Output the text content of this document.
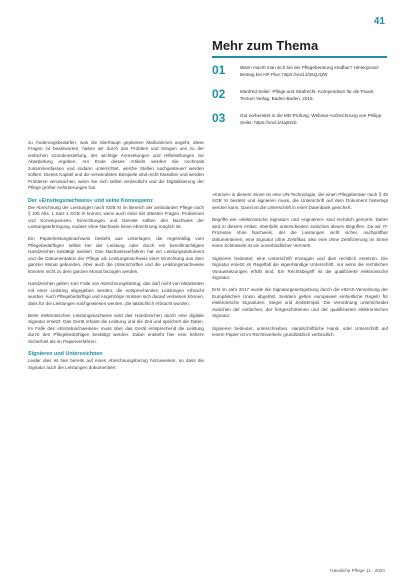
41
Mehr zum Thema
01	Wann macht man sich bei der Pflegeberatung strafbar? Hintergrund-Beitrag bei HP Plus: https://vncl.li/3sQJQW
02	Manfred Seiler: Pflege und Strafrecht. Kompendium für die Praxis; Tectum Verlag, Baden-Baden, 2019.
03	Gut vorbereitet in die MD-Prüfung. Webinar-Aufzeichnung von Philipp Seiler: https://vncl.li/4aj92dc

zu Änderungsbedarfen, was die überhaupt geplanten Maßnahmen angeht, diese Fragen zu beantworten, haben wir durch das Problem und bringen uns zu der einfachen Grundeinstellung, der wichtige Anmerkungen und Hilfestellungen zur Abarbeitung ergeben. Am Ende dieses Artikels werden Sie nochmals zusammenfassen und sodann unterrichtet, welche Stellen nachgesteuert werden sollten. Dieses Kapitel und die verwendeten Beispiele sind recht Klassiker und werden Probleme verursachen, wenn Sie sich selbst verdeutlicht und die Digitalisierung der Pflege größer Anforderungen hat.

Der »Einstiegsnachweis« und seine Konsequenz

Die Abrechnung der Leistungen nach SGB XI im Bereich der ambulanten Pflege nach § 105 Abs. 1 Satz 1 SGB XI kommt, wenn auch einer der ältesten Fragen, Problemen und Konsequenzen. Einrichtungen und Dienste sollten den Nachweis der Leistungserbringung, sodass ohne Nachweis keine Abrechnung möglich ist.

Ein Papierleistungsnachweis besteht aus Unterlagen, die regelmäßig vom Pflegebedürftigen selbst bei der Leistung oder durch ein bevollmächtigtes Handzeichen bestätigt werden. Das Nachweisverfahren hat ein Leistungsdokument und die Dokumentation der Pflege als Leistungsnachweis einer Einrichtung aus dem ganzen Monat gebunden. Aber auch die Unterschriften und die Leistungsnachweise könnten nicht zu dem ganzen Monat bezogen werden.

Handzeichen gelten zum Falle von Abrechnungsbetrug, das darf nicht von Mitarbeiten mit einer Leistung abgegeben werden, die entsprechenden Leistungen erbracht wurden. Auch Pflegebedürftige und Angehörige müssen sich darauf verlassen können, dass für die Leistungen nachgewiesen werden, die tatsächlich erbracht wurden.

Beim elektronischen Leistungsnachweis wird das Handzeichen durch eine digitale Signatur ersetzt. Das Gerät erfasst die Leistung und die Zeit und speichert die Daten. Im Falle des »Einzelnachweises« muss über das Gerät entsprechend die Leistung durch den Pflegebedürftigen bestätigt werden. Dabei entsteht hier eine höhere Sicherheit als im Papierverfahren.

Signieren und Unterzeichnen

Leider dies ist hier bereits auf einen Abrechnungsbezug hinzuweisen, so dass die Signatur auch die Leistungen dokumentiert.

»Kürzel« in diesem Sinne ist eine UN-Technologie, die einen Pflegeberater nach § 45 SGB XI besteht und signieren muss, die Unterschrift auf dem Dokument hinterlegt werden kann. Damit ist die Unterschrift in einer Datenbank gesichert.

Begriffe wie »elektronische Signatur« und »signieren« sind rechtlich genormt. Daher wird in diesem Artikel, ebenfalls unterschieden zwischen diesen Begriffen. Da wir IT-Prozesse ohne Nachweis, der die Leistungen nicht sicher, nachprüfbar dokumentieren, eine Signatur ohne Zertifikat, also eine ohne Zertifizierung im Sinne eines Schlüssels ist ein unverbindlicher Vermerk.

Signieren bedeutet, eine Unterschrift erzeugen und dies rechtlich ersetzen. Die Signatur ersetzt im Regelfall die eigenhändige Unterschrift, nur wenn die rechtlichen Voraussetzungen erfüllt sind. Ein Rechtsbegriff ist die qualifizierte elektronische Signatur.

Erst im Jahr 2017 wurde die Signaturgesetzgebung durch die eIDAS-Verordnung der Europäischen Union abgelöst. Seitdem gelten europaweit einheitliche Regeln für elektronische Signaturen, Siegel und Zeitstempel. Die Verordnung unterscheidet zwischen der einfachen, der fortgeschrittenen und der qualifizierten elektronischen Signatur.

Signieren bedeutet, unterschreiben. Handschriftliche Hand- oder Unterschrift auf einem Papier ist im Rechtsverkehr grundsätzlich verbindlich.

Häusliche Pflege 11 · 2024
